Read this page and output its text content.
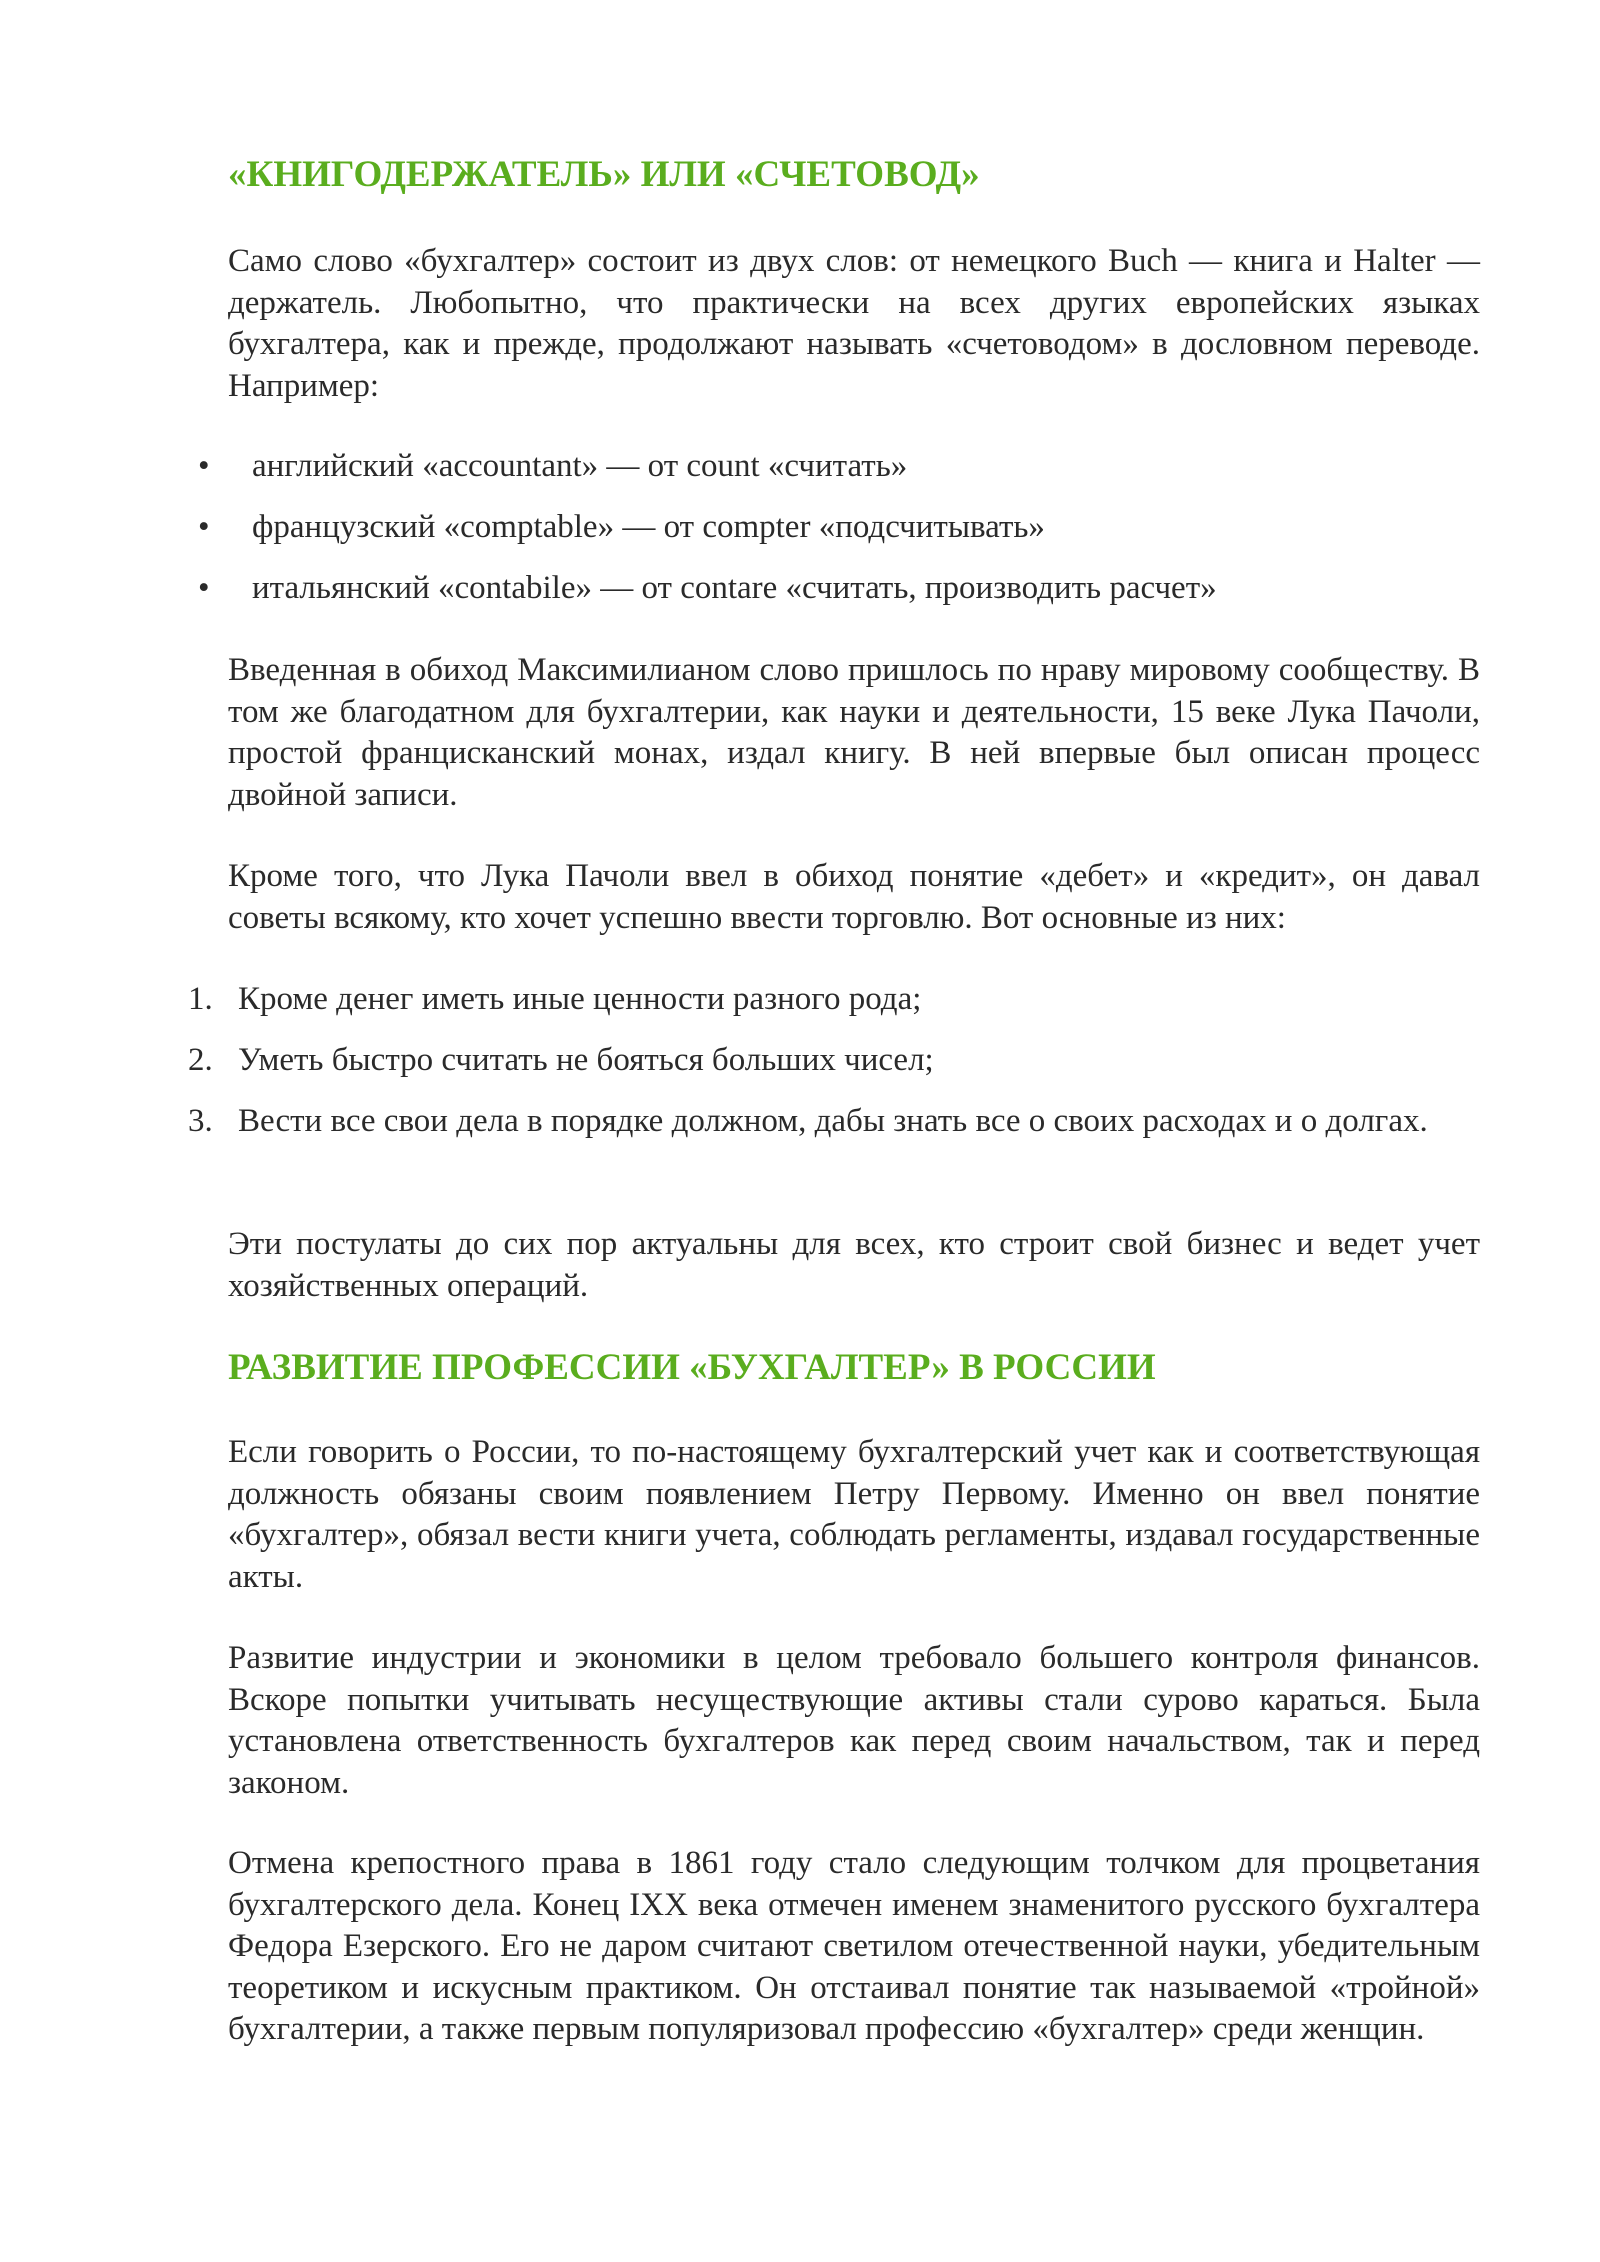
«КНИГОДЕРЖАТЕЛЬ» ИЛИ «СЧЕТОВОД»

Само слово «бухгалтер» состоит из двух слов: от немецкого Buch — книга и Halter — держатель. Любопытно, что практически на всех других европейских языках бухгалтера, как и прежде, продолжают называть «счетоводом» в дословном переводе. Например:

• английский «accountant» — от count «считать»
• французский «comptable» — от compter «подсчитывать»
• итальянский «contabile» — от contare «считать, производить расчет»

Введенная в обиход Максимилианом слово пришлось по нраву мировому сообществу. В том же благодатном для бухгалтерии, как науки и деятельности, 15 веке Лука Пачоли, простой францисканский монах, издал книгу. В ней впервые был описан процесс двойной записи.

Кроме того, что Лука Пачоли ввел в обиход понятие «дебет» и «кредит», он давал советы всякому, кто хочет успешно ввести торговлю. Вот основные из них:

1. Кроме денег иметь иные ценности разного рода;
2. Уметь быстро считать не бояться больших чисел;
3. Вести все свои дела в порядке должном, дабы знать все о своих расходах и о долгах.

Эти постулаты до сих пор актуальны для всех, кто строит свой бизнес и ведет учет хозяйственных операций.

РАЗВИТИЕ ПРОФЕССИИ «БУХГАЛТЕР» В РОССИИ

Если говорить о России, то по-настоящему бухгалтерский учет как и соответствующая должность обязаны своим появлением Петру Первому. Именно он ввел понятие «бухгалтер», обязал вести книги учета, соблюдать регламенты, издавал государственные акты.

Развитие индустрии и экономики в целом требовало большего контроля финансов. Вскоре попытки учитывать несуществующие активы стали сурово караться. Была установлена ответственность бухгалтеров как перед своим начальством, так и перед законом.

Отмена крепостного права в 1861 году стало следующим толчком для процветания бухгалтерского дела. Конец IXX века отмечен именем знаменитого русского бухгалтера Федора Езерского. Его не даром считают светилом отечественной науки, убедительным теоретиком и искусным практиком. Он отстаивал понятие так называемой «тройной» бухгалтерии, а также первым популяризовал профессию «бухгалтер» среди женщин.
